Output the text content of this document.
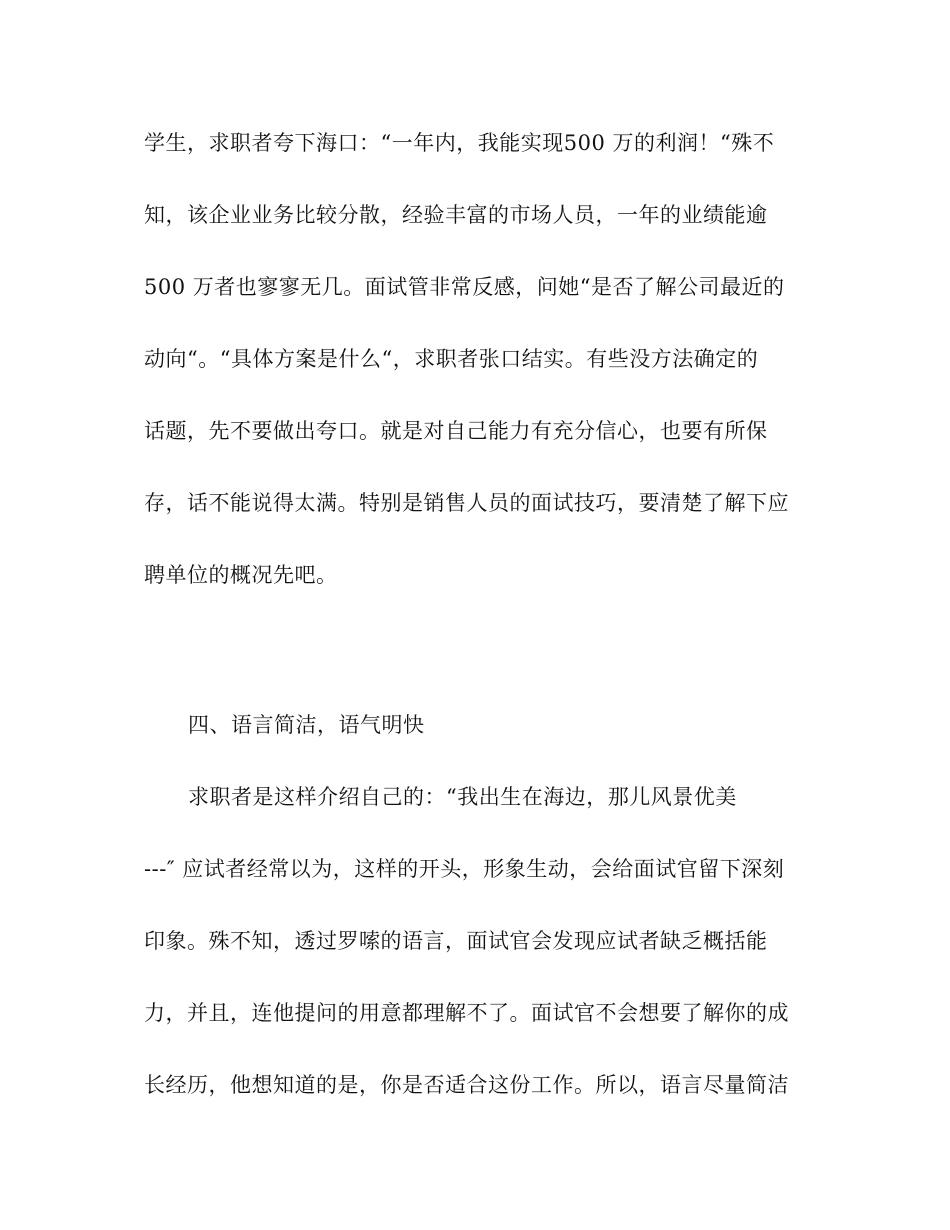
学生，求职者夸下海口：“一年内，我能实现500 万的利润！“殊不
知，该企业业务比较分散，经验丰富的市场人员，一年的业绩能逾
500 万者也寥寥无几。面试管非常反感，问她“是否了解公司最近的
动向“。“具体方案是什么“，求职者张口结实。有些没方法确定的
话题，先不要做出夸口。就是对自己能力有充分信心，也要有所保
存，话不能说得太满。特别是销售人员的面试技巧，要清楚了解下应
聘单位的概况先吧。
四、语言简洁，语气明快
求职者是这样介绍自己的：“我出生在海边，那儿风景优美
---″ 应试者经常以为，这样的开头，形象生动，会给面试官留下深刻
印象。殊不知，透过罗嗦的语言，面试官会发现应试者缺乏概括能
力，并且，连他提问的用意都理解不了。面试官不会想要了解你的成
长经历，他想知道的是，你是否适合这份工作。所以，语言尽量简洁
